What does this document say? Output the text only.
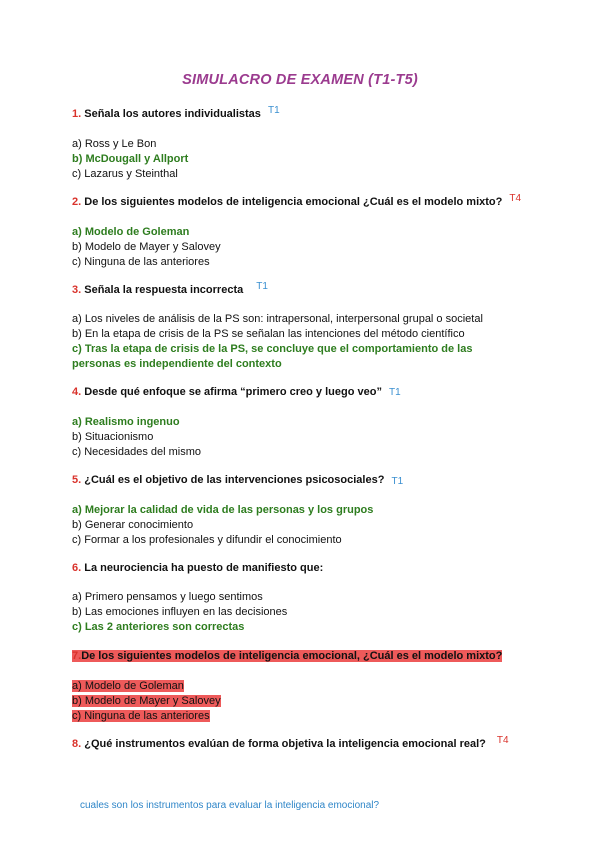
SIMULACRO DE EXAMEN (T1-T5)
1. Señala los autores individualistas T1
a) Ross y Le Bon
b) McDougall y Allport
c) Lazarus y Steinthal
2. De los siguientes modelos de inteligencia emocional ¿Cuál es el modelo mixto? T4
a) Modelo de Goleman
b) Modelo de Mayer y Salovey
c) Ninguna de las anteriores
3. Señala la respuesta incorrecta T1
a) Los niveles de análisis de la PS son: intrapersonal, interpersonal grupal o societal
b) En la etapa de crisis de la PS se señalan las intenciones del método científico
c) Tras la etapa de crisis de la PS, se concluye que el comportamiento de las personas es independiente del contexto
4. Desde qué enfoque se afirma “primero creo y luego veo” T1
a) Realismo ingenuo
b) Situacionismo
c) Necesidades del mismo
5. ¿Cuál es el objetivo de las intervenciones psicosociales? T1
a) Mejorar la calidad de vida de las personas y los grupos
b) Generar conocimiento
c) Formar a los profesionales y difundir el conocimiento
6. La neurociencia ha puesto de manifiesto que:
a) Primero pensamos y luego sentimos
b) Las emociones influyen en las decisiones
c) Las 2 anteriores son correctas
7.De los siguientes modelos de inteligencia emocional, ¿Cuál es el modelo mixto?
a) Modelo de Goleman
b) Modelo de Mayer y Salovey
c) Ninguna de las anteriores
8. ¿Qué instrumentos evalúan de forma objetiva la inteligencia emocional real? T4
cuales son los instrumentos para evaluar la inteligencia emocional?
